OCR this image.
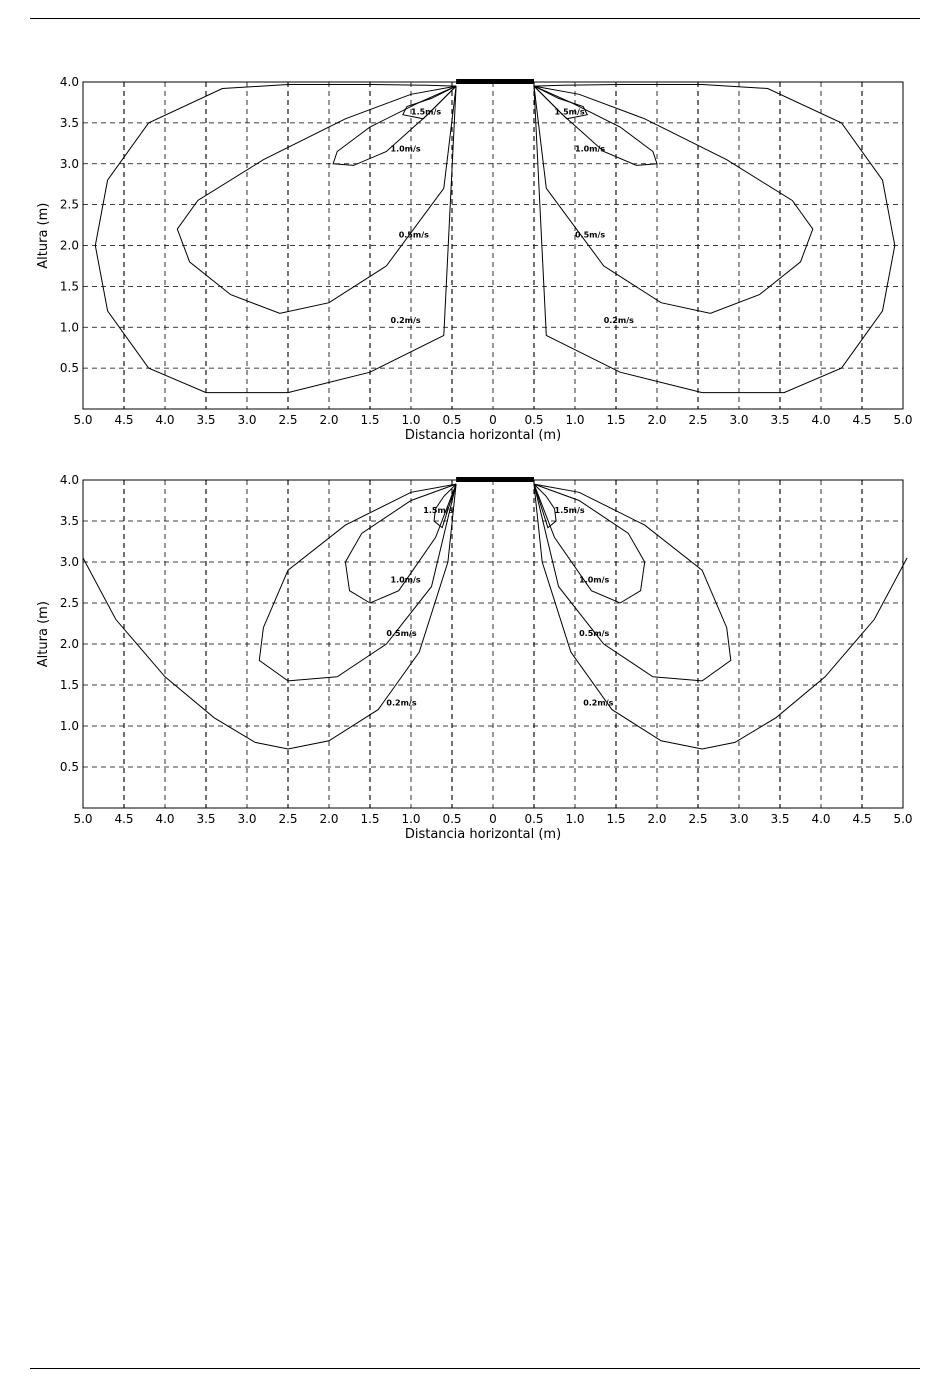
5.0 4.5 4.0 3.5 3.0 2.5 2.0 1.5 1.0 0.5 0 0.5 1.0 1.5 2.0 2.5 3.0 3.5 4.0 4.5 5.0
4.0
3.5
3.0
2.5
2.0
1.5
1.0
0.5
Distancia horizontal (m)
Altura (m)
0.2m/s	0.2m/s
0.5m/s	0.5m/s
1.0m/s	1.0m/s
1.5m/s	1.5m/s
5.0 4.5 4.0 3.5 3.0 2.5 2.0 1.5 1.0 0.5 0 0.5 1.0 1.5 2.0 2.5 3.0 3.5 4.0 4.5 5.0
4.0
3.5
3.0
2.5
2.0
1.5
1.0
0.5
Distancia horizontal (m)
Altura (m)
0.2m/s	0.2m/s
0.5m/s	0.5m/s
1.0m/s	1.0m/s
1.5m/s	1.5m/s
